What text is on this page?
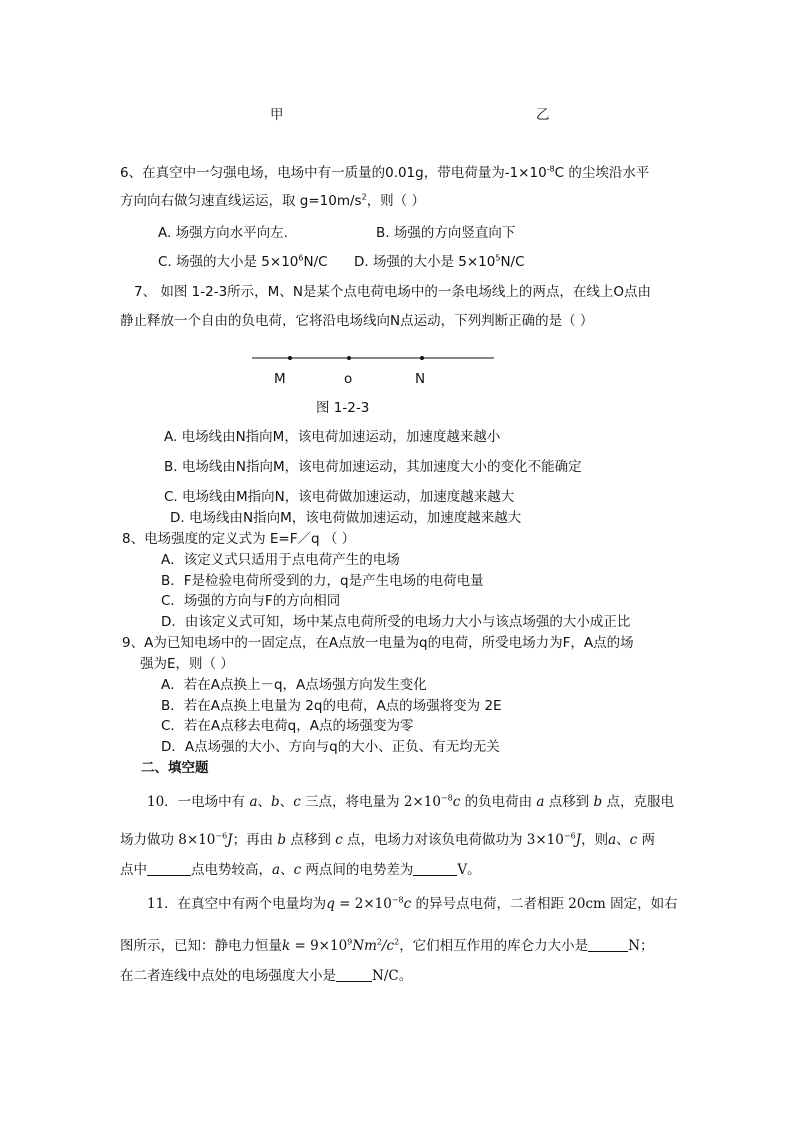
甲	乙
6、在真空中一匀强电场，电场中有一质量的0.01g，带电荷量为$-1\times 10^{-8}C$ 的尘埃沿水平
方向向右做匀速直线运运，取 $g=10m/s^2$，则（ ）
A. 场强方向水平向左.	B. 场强的方向竖直向下
C. 场强的大小是 $5\times 10^6N/C$ D. 场强的大小是 $5\times 10^5N/C$
7、 如图 1-2-3所示，M、N是某个点电荷电场中的一条电场线上的两点，在线上O点由
静止释放一个自由的负电荷，它将沿电场线向N点运动，下列判断正确的是（ ）
M	o	N
图 1-2-3
A. 电场线由N指向M，该电荷加速运动，加速度越来越小
B. 电场线由N指向M，该电荷加速运动，其加速度大小的变化不能确定
C. 电场线由M指向N，该电荷做加速运动，加速度越来越大
D. 电场线由N指向M，该电荷做加速运动，加速度越来越大
8、电场强度的定义式为 E=F／q （ ）
A．该定义式只适用于点电荷产生的电场
B．F是检验电荷所受到的力，q是产生电场的电荷电量
C．场强的方向与F的方向相同
D．由该定义式可知，场中某点电荷所受的电场力大小与该点场强的大小成正比
9、A为已知电场中的一固定点，在A点放一电量为q的电荷，所受电场力为F，A点的场
强为E，则（ ）
A．若在A点换上－q，A点场强方向发生变化
B．若在A点换上电量为 2q的电荷，A点的场强将变为 2E
C．若在A点移去电荷q，A点的场强变为零
D．A点场强的大小、方向与q的大小、正负、有无均无关
二、填空题
10．一电场中有 a、b、c 三点，将电量为 $2\times 10^{-8}c$ 的负电荷由 a 点移到 b 点，克服电
场力做功 $8\times 10^{-6}J$；再由 b 点移到 c 点，电场力对该负电荷做功为 $3\times 10^{-6}J$，则a、c 两
点中	点电势较高，a、c 两点间的电势差为	V。
11．在真空中有两个电量均为$q = 2\times 10^{-8}c$ 的异号点电荷，二者相距 20cm 固定，如右
图所示，已知：静电力恒量$k = 9\times 10^9Nm^2/c^2$，它们相互作用的库仑力大小是	N；
在二者连线中点处的电场强度大小是	N/C。
